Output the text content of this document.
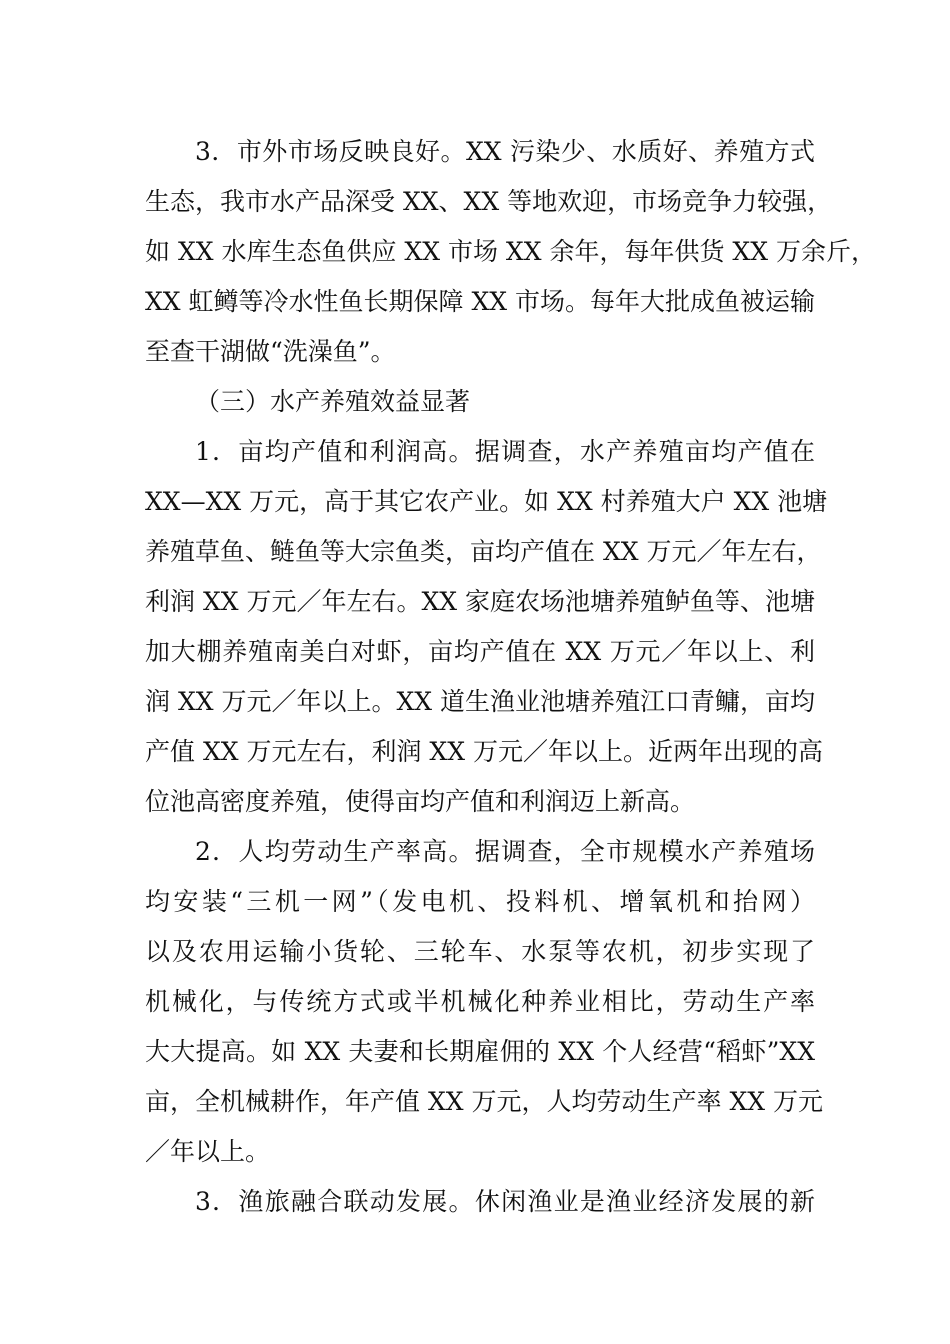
3．市外市场反映良好。XX 污染少、水质好、养殖方式
生态，我市水产品深受 XX、XX 等地欢迎，市场竞争力较强，
如 XX 水库生态鱼供应 XX 市场 XX 余年，每年供货 XX 万余斤，
XX 虹鳟等冷水性鱼长期保障 XX 市场。每年大批成鱼被运输
至查干湖做“洗澡鱼”。
（三）水产养殖效益显著
1．亩均产值和利润高。据调查，水产养殖亩均产值在
XX—XX 万元，高于其它农产业。如 XX 村养殖大户 XX 池塘
养殖草鱼、鲢鱼等大宗鱼类，亩均产值在 XX 万元／年左右，
利润 XX 万元／年左右。XX 家庭农场池塘养殖鲈鱼等、池塘
加大棚养殖南美白对虾，亩均产值在 XX 万元／年以上、利
润 XX 万元／年以上。XX 道生渔业池塘养殖江口青鳙，亩均
产值 XX 万元左右，利润 XX 万元／年以上。近两年出现的高
位池高密度养殖，使得亩均产值和利润迈上新高。
2．人均劳动生产率高。据调查，全市规模水产养殖场
均安装“三机一网”（发电机、投料机、增氧机和抬网）
以及农用运输小货轮、三轮车、水泵等农机，初步实现了
机械化，与传统方式或半机械化种养业相比，劳动生产率
大大提高。如 XX 夫妻和长期雇佣的 XX 个人经营“稻虾”XX
亩，全机械耕作，年产值 XX 万元，人均劳动生产率 XX 万元
／年以上。
3．渔旅融合联动发展。休闲渔业是渔业经济发展的新
